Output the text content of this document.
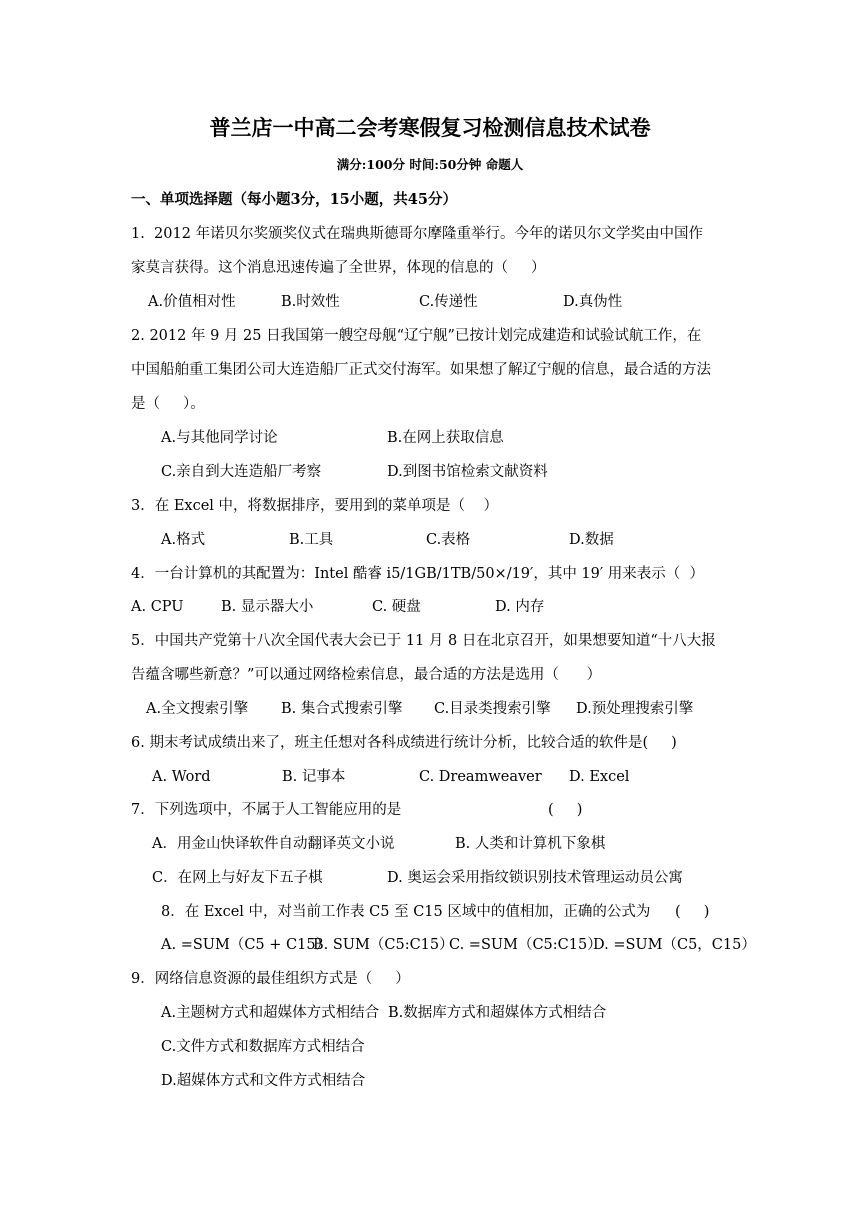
普兰店一中高二会考寒假复习检测信息技术试卷
满分:100分 时间:50分钟 命题人
一、单项选择题（每小题3分，15小题，共45分）
1.  2012 年诺贝尔奖颁奖仪式在瑞典斯德哥尔摩隆重举行。今年的诺贝尔文学奖由中国作
家莫言获得。这个消息迅速传遍了全世界，体现的信息的（     ）
A.价值相对性	B.时效性	C.传递性	D.真伪性
2. 2012 年 9 月 25 日我国第一艘空母舰“辽宁舰”已按计划完成建造和试验试航工作，在
中国船舶重工集团公司大连造船厂正式交付海军。如果想了解辽宁舰的信息，最合适的方法
是（     ）。
A.与其他同学讨论	B.在网上获取信息
C.亲自到大连造船厂考察	D.到图书馆检索文献资料
3．在 Excel 中，将数据排序，要用到的菜单项是（    ）
A.格式	B.工具	C.表格	D.数据
4．一台计算机的其配置为：Intel 酷睿 i5/1GB/1TB/50×/19′，其中 19′ 用来表示（  ）
A. CPU	B. 显示器大小	C. 硬盘	D. 内存
5．中国共产党第十八次全国代表大会已于 11 月 8 日在北京召开，如果想要知道“十八大报
告蕴含哪些新意？”可以通过网络检索信息，最合适的方法是选用（      ）
A.全文搜索引擎 B. 集合式搜索引擎 C.目录类搜索引擎 D.预处理搜索引擎
6. 期末考试成绩出来了，班主任想对各科成绩进行统计分析，比较合适的软件是(     )
A. Word	B. 记事本	C. Dreamweaver D. Excel
7．下列选项中，不属于人工智能应用的是	(     )
A．用金山快译软件自动翻译英文小说	B. 人类和计算机下象棋
C．在网上与好友下五子棋	D. 奥运会采用指纹锁识别技术管理运动员公寓
8．在 Excel 中，对当前工作表 C5 至 C15 区域中的值相加，正确的公式为 (     )
A. =SUM（C5 + C15）
B. SUM（C5:C15）
C. =SUM（C5:C15）
D. =SUM（C5，C15）
9．网络信息资源的最佳组织方式是（     ）
A.主题树方式和超媒体方式相结合 B.数据库方式和超媒体方式相结合
C.文件方式和数据库方式相结合
D.超媒体方式和文件方式相结合
